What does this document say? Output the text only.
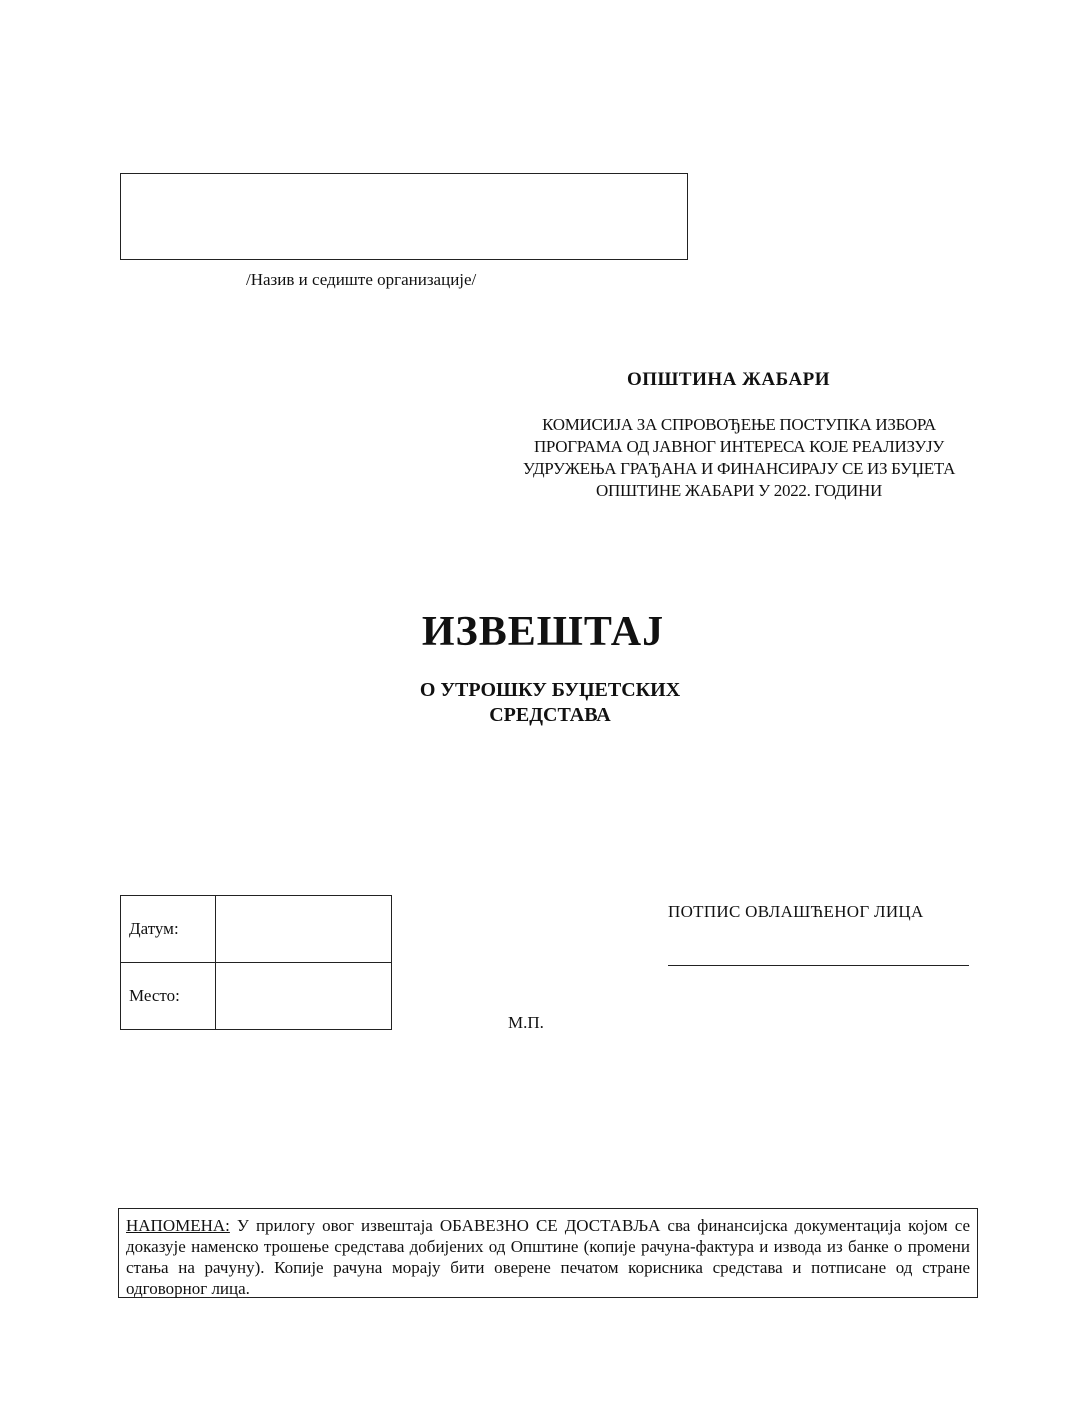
/Назив и седиште организације/
ОПШТИНА ЖАБАРИ
КОМИСИЈА ЗА СПРОВОЂЕЊЕ ПОСТУПКА ИЗБОРА
ПРОГРАМА ОД ЈАВНОГ ИНТЕРЕСА КОЈЕ РЕАЛИЗУЈУ
УДРУЖЕЊА ГРАЂАНА И ФИНАНСИРАЈУ СЕ ИЗ БУЏЕТА
ОПШТИНЕ ЖАБАРИ У 2022. ГОДИНИ
ИЗВЕШТАЈ
О УТРОШКУ БУЏЕТСКИХ
СРЕДСТАВА
Датум:	
Место:	
ПОТПИС ОВЛАШЋЕНОГ ЛИЦА
М.П.
НАПОМЕНА: У прилогу овог извештаја ОБАВЕЗНО СЕ ДОСТАВЉА сва финансијска документација којом се доказује наменско трошење средстава добијених од Општине (копије рачуна-фактура и извода из банке о промени стања на рачуну). Копије рачуна морају бити оверене печатом корисника средстава и потписане од стране одговорног лица.
